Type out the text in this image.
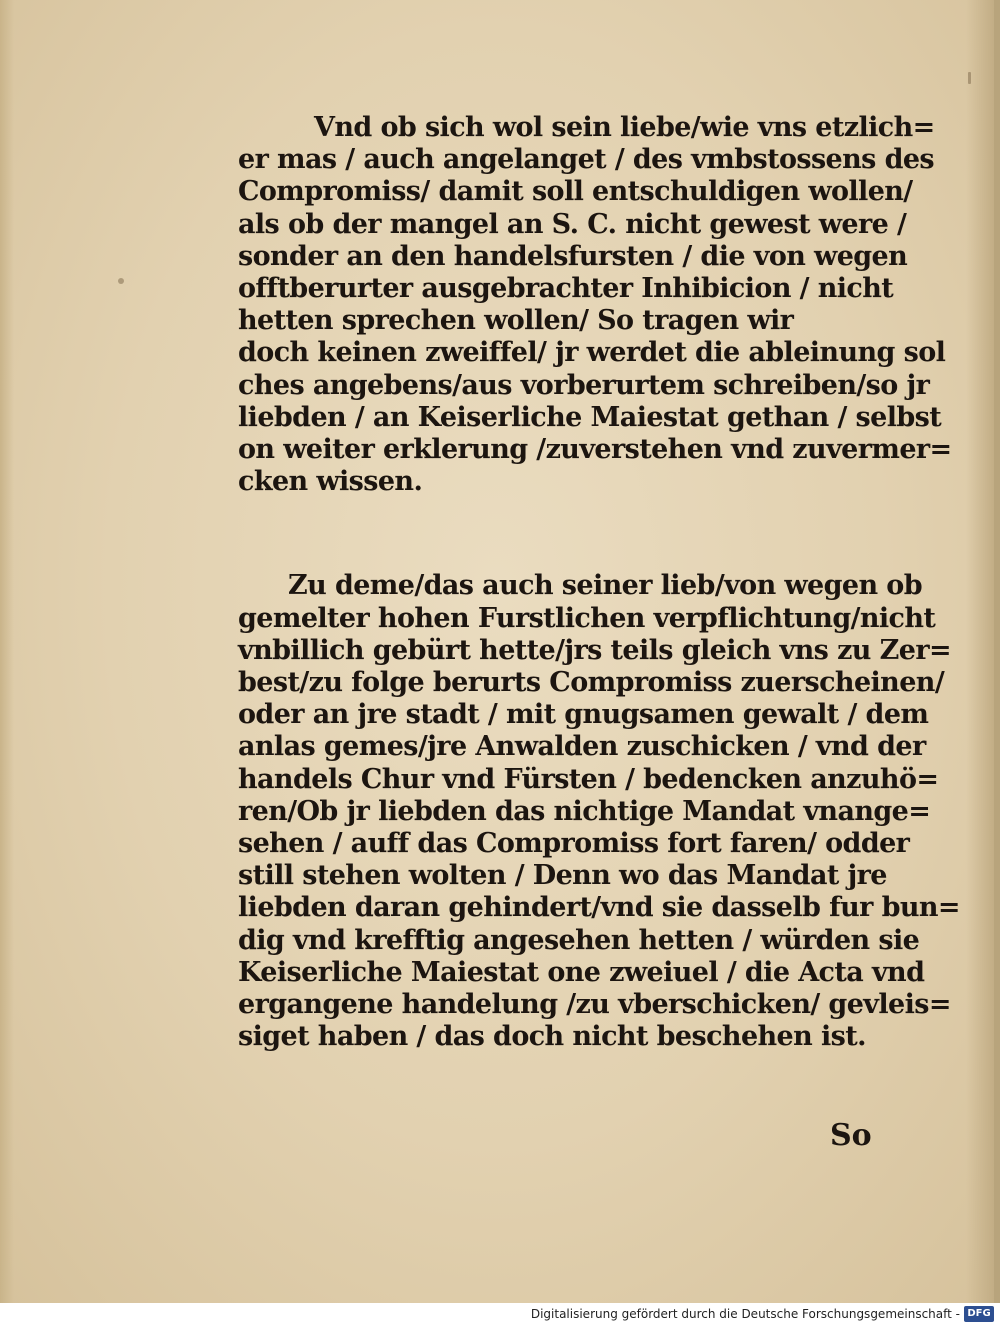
Vnd ob sich wol sein liebe/wie vns etzlich=
er mas / auch angelanget / des vmbstossens des
Compromiss/ damit soll entschuldigen wollen/
als ob der mangel an S. C. nicht gewest were /
sonder an den handelsfursten / die von wegen
offtberurter ausgebrachter Inhibicion / nicht
hetten sprechen wollen/ So tragen wir
doch keinen zweiffel/ jr werdet die ableinung sol
ches angebens/aus vorberurtem schreiben/so jr
liebden / an Keiserliche Maiestat gethan / selbst
on weiter erklerung /zuverstehen vnd zuvermer=
cken wissen.
Zu deme/das auch seiner lieb/von wegen ob
gemelter hohen Furstlichen verpflichtung/nicht
vnbillich gebürt hette/jrs teils gleich vns zu Zer=
best/zu folge berurts Compromiss zuerscheinen/
oder an jre stadt / mit gnugsamen gewalt / dem
anlas gemes/jre Anwalden zuschicken / vnd der
handels Chur vnd Fürsten / bedencken anzuhö=
ren/Ob jr liebden das nichtige Mandat vnange=
sehen / auff das Compromiss fort faren/ odder
still stehen wolten / Denn wo das Mandat jre
liebden daran gehindert/vnd sie dasselb fur bun=
dig vnd krefftig angesehen hetten / würden sie
Keiserliche Maiestat one zweiuel / die Acta vnd
ergangene handelung /zu vberschicken/ gevleis=
siget haben / das doch nicht beschehen ist.
So
Digitalisierung gefördert durch die Deutsche Forschungsgemeinschaft - DFG
